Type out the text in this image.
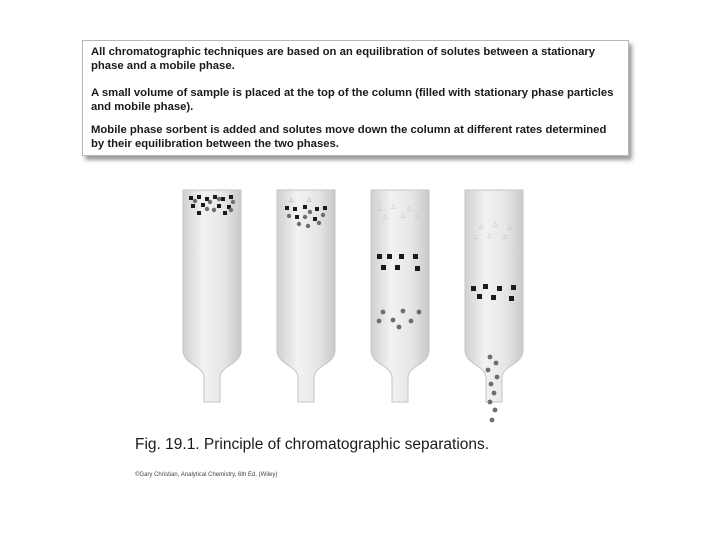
All chromatographic techniques are based on an equilibration of solutes between a stationary phase and a mobile phase.

A small volume of sample is placed at the top of the column (filled with stationary phase particles and mobile phase).

Mobile phase sorbent is added and solutes move down the column at different rates determined by their equilibration between the two phases.

△ △
△ △ △
△ △ △
△ △ △
△ △ △
Fig. 19.1. Principle of chromatographic separations.
©Gary Christian, Analytical Chemistry, 6th Ed. (Wiley)
